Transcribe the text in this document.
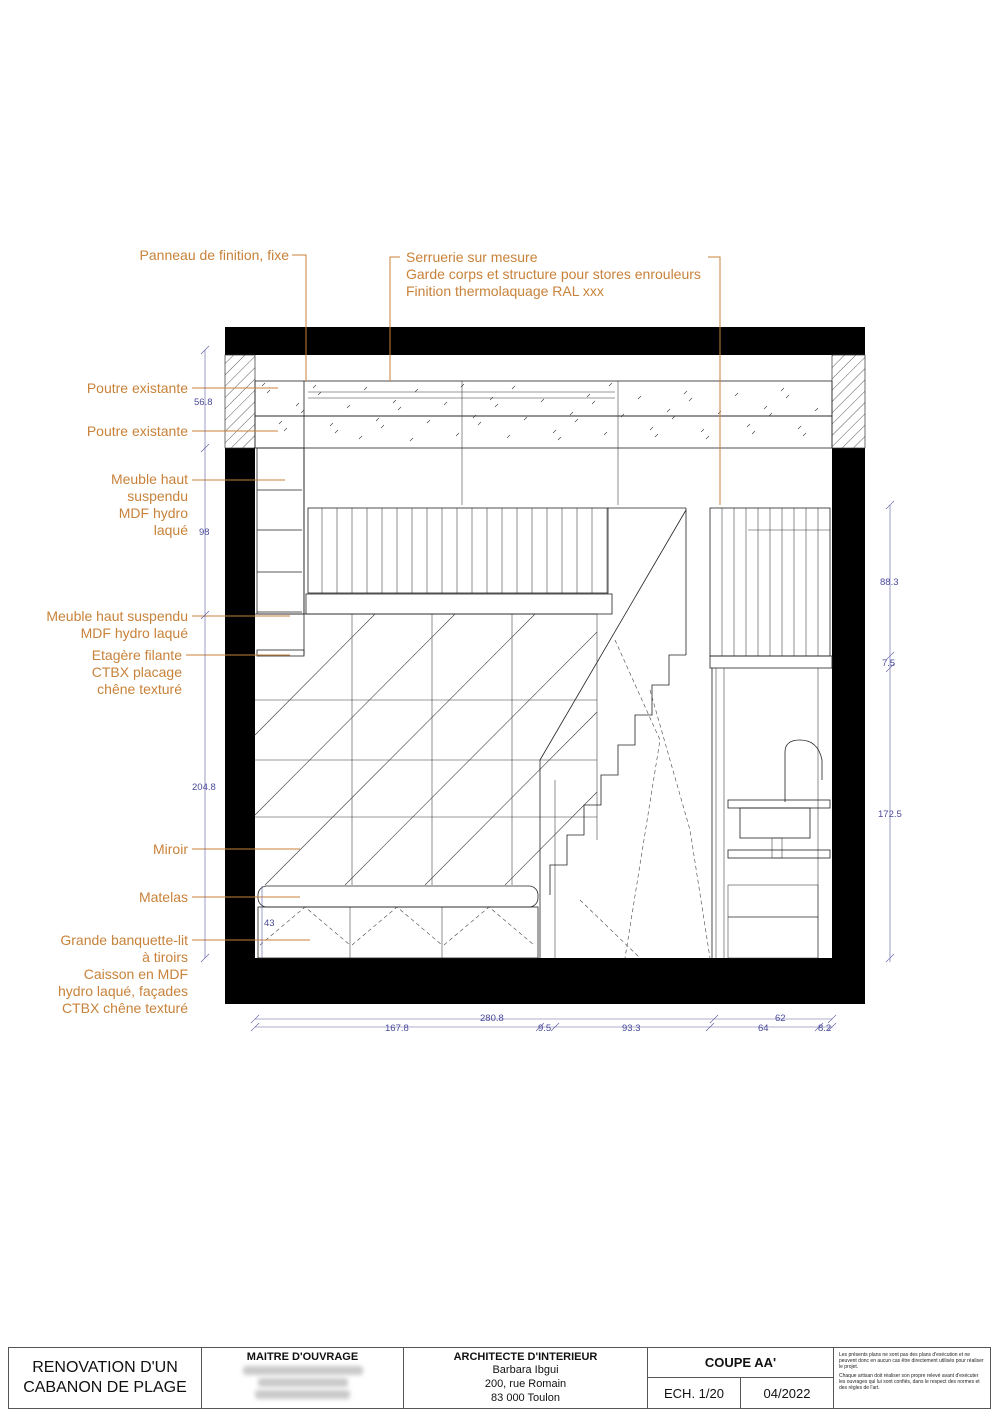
Panneau de finition, fixe	Serruerie sur mesure
Garde corps et structure pour stores enrouleurs
Finition thermolaquage RAL xxx
Poutre existante
Poutre existante
Meuble haut
suspendu
MDF hydro
laqué
Meuble haut suspendu
MDF hydro laqué
Etagère filante
CTBX placage
chêne texturé
Miroir
Matelas
Grande banquette-lit
à tiroirs
Caisson en MDF
hydro laqué, façades
CTBX chêne texturé
56.8
98
204.8
43
88.3
7.5
172.5
280.8	62
167.8	9.5	93.3	64	8.2
RENOVATION D'UN
CABANON DE PLAGE
MAITRE D'OUVRAGE	ARCHITECTE D'INTERIEUR
Barbara Ibgui
200, rue Romain
83 000 Toulon
COUPE AA'
ECH. 1/20	04/2022

Les présents plans ne sont pas des plans d'exécution et ne peuvent donc en aucun cas être directement utilisés pour réaliser le projet.

Chaque artisan doit réaliser son propre relevé avant d'exécuter les ouvrages qui lui sont confiés, dans le respect des normes et des règles de l'art.
